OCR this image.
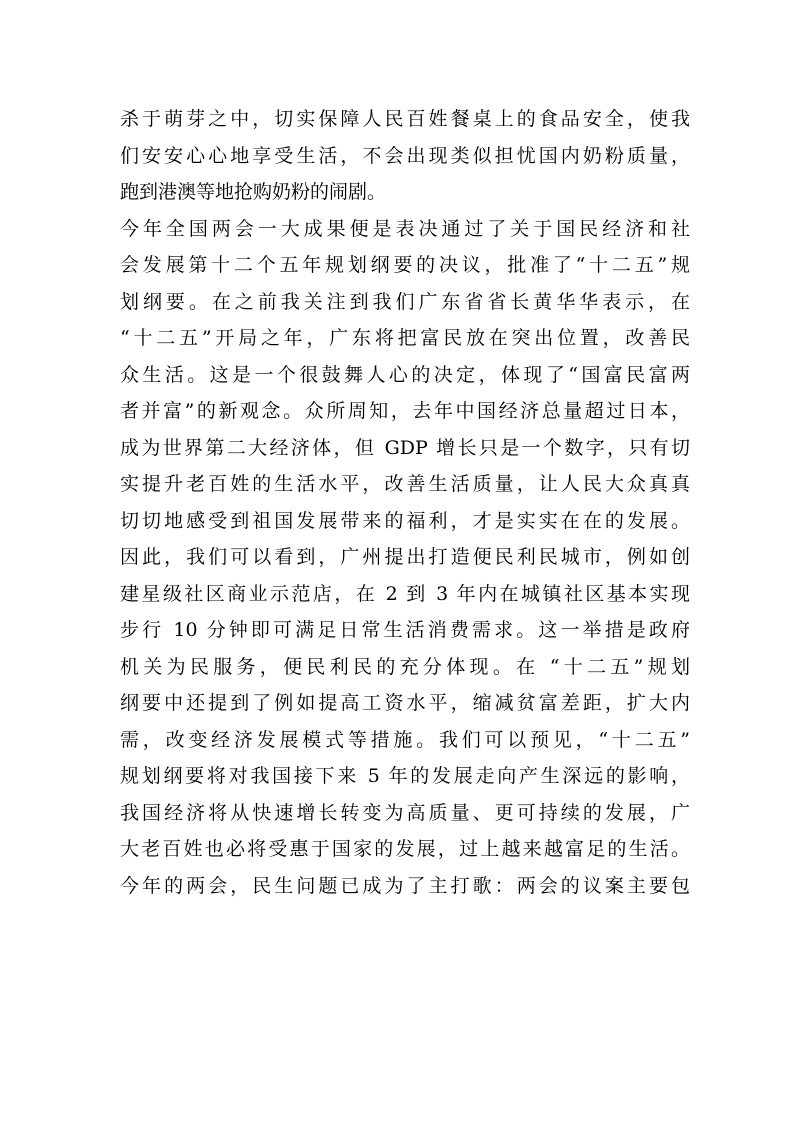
杀于萌芽之中，切实保障人民百姓餐桌上的食品安全，使我
们安安心心地享受生活，不会出现类似担忧国内奶粉质量，
跑到港澳等地抢购奶粉的闹剧。
今年全国两会一大成果便是表决通过了关于国民经济和社
会发展第十二个五年规划纲要的决议，批准了“十二五”规
划纲要。在之前我关注到我们广东省省长黄华华表示，在
“十二五”开局之年，广东将把富民放在突出位置，改善民
众生活。这是一个很鼓舞人心的决定，体现了“国富民富两
者并富”的新观念。众所周知，去年中国经济总量超过日本，
成为世界第二大经济体，但 GDP 增长只是一个数字，只有切
实提升老百姓的生活水平，改善生活质量，让人民大众真真
切切地感受到祖国发展带来的福利，才是实实在在的发展。
因此，我们可以看到，广州提出打造便民利民城市，例如创
建星级社区商业示范店，在 2 到 3 年内在城镇社区基本实现
步行 10 分钟即可满足日常生活消费需求。这一举措是政府
机关为民服务，便民利民的充分体现。在 “十二五”规划
纲要中还提到了例如提高工资水平，缩减贫富差距，扩大内
需，改变经济发展模式等措施。我们可以预见，“十二五”
规划纲要将对我国接下来 5 年的发展走向产生深远的影响，
我国经济将从快速增长转变为高质量、更可持续的发展，广
大老百姓也必将受惠于国家的发展，过上越来越富足的生活。
今年的两会，民生问题已成为了主打歌：两会的议案主要包
